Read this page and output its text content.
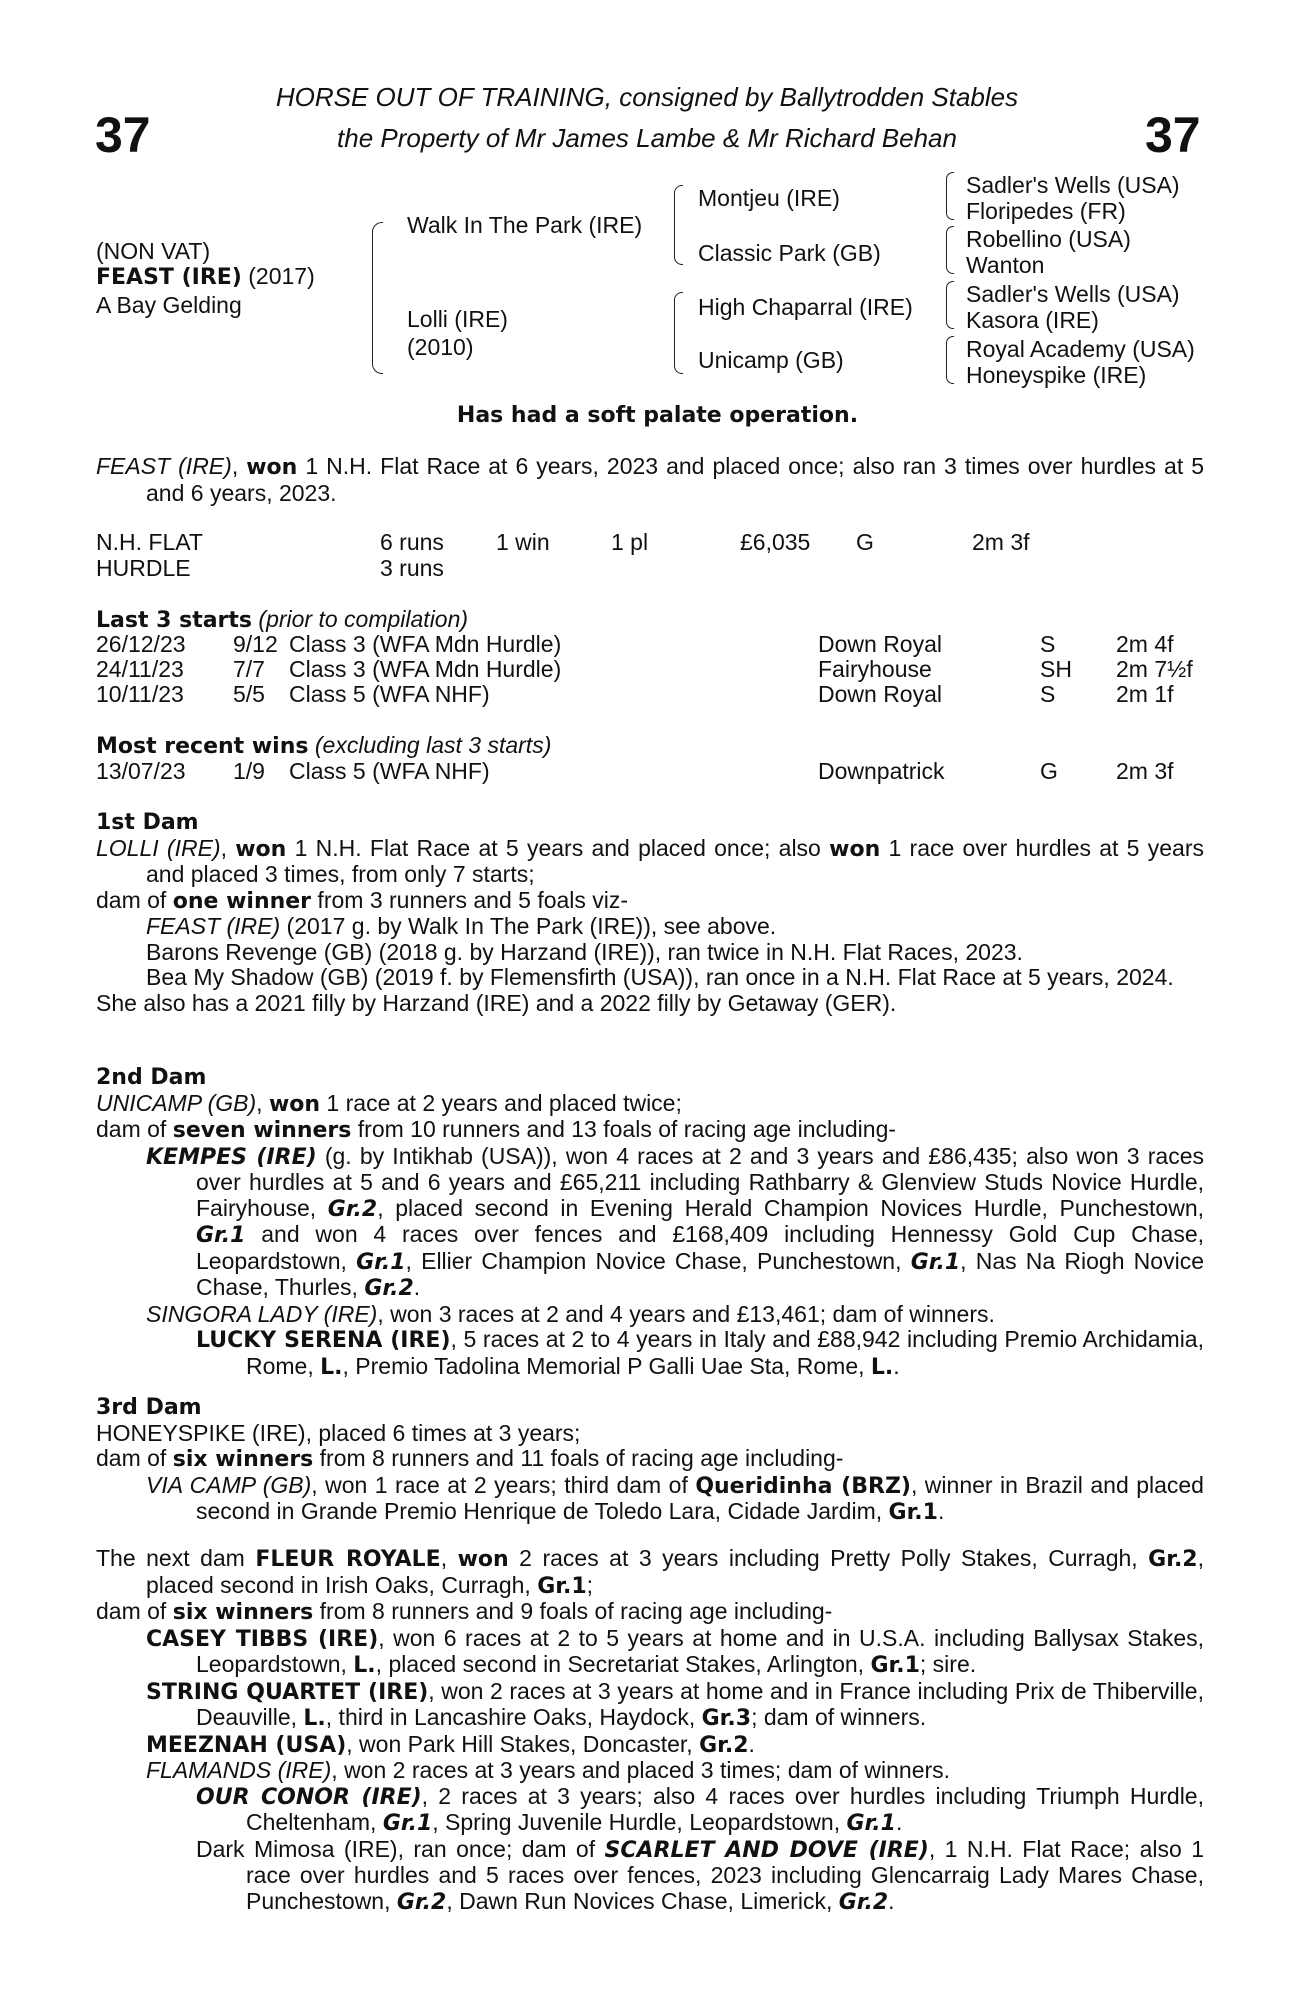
37	37
HORSE OUT OF TRAINING, consigned by Ballytrodden Stables
the Property of Mr James Lambe & Mr Richard Behan
(NON VAT)
FEAST (IRE) (2017)
A Bay Gelding
Walk In The Park (IRE)
Lolli (IRE)
(2010)
Montjeu (IRE)
Classic Park (GB)
High Chaparral (IRE)
Unicamp (GB)
Sadler's Wells (USA)
Floripedes (FR)
Robellino (USA)
Wanton
Sadler's Wells (USA)
Kasora (IRE)
Royal Academy (USA)
Honeyspike (IRE)
Has had a soft palate operation.

FEAST (IRE), won 1 N.H. Flat Race at 6 years, 2023 and placed once; also ran 3 times over hurdles at 5 and 6 years, 2023.

N.H. FLAT	6 runs 1 win	1 pl	£6,035 G	2m 3f
HURDLE	3 runs
Last 3 starts (prior to compilation)
26/12/23 9/12 Class 3 (WFA Mdn Hurdle)	Down Royal	S	2m 4f
24/11/23 7/7 Class 3 (WFA Mdn Hurdle)	Fairyhouse	SH 2m 7½f
10/11/23 5/5 Class 5 (WFA NHF)	Down Royal	S	2m 1f
Most recent wins (excluding last 3 starts)
13/07/23 1/9 Class 5 (WFA NHF)	Downpatrick	G	2m 3f

1st Dam

LOLLI (IRE), won 1 N.H. Flat Race at 5 years and placed once; also won 1 race over hurdles at 5 years and placed 3 times, from only 7 starts;

dam of one winner from 3 runners and 5 foals viz-

FEAST (IRE) (2017 g. by Walk In The Park (IRE)), see above.

Barons Revenge (GB) (2018 g. by Harzand (IRE)), ran twice in N.H. Flat Races, 2023.

Bea My Shadow (GB) (2019 f. by Flemensfirth (USA)), ran once in a N.H. Flat Race at 5 years, 2024.

She also has a 2021 filly by Harzand (IRE) and a 2022 filly by Getaway (GER).

2nd Dam

UNICAMP (GB), won 1 race at 2 years and placed twice;

dam of seven winners from 10 runners and 13 foals of racing age including-

KEMPES (IRE) (g. by Intikhab (USA)), won 4 races at 2 and 3 years and £86,435; also won 3 races over hurdles at 5 and 6 years and £65,211 including Rathbarry & Glenview Studs Novice Hurdle, Fairyhouse, Gr.2, placed second in Evening Herald Champion Novices Hurdle, Punchestown, Gr.1 and won 4 races over fences and £168,409 including Hennessy Gold Cup Chase, Leopardstown, Gr.1, Ellier Champion Novice Chase, Punchestown, Gr.1, Nas Na Riogh Novice Chase, Thurles, Gr.2.

SINGORA LADY (IRE), won 3 races at 2 and 4 years and £13,461; dam of winners.

LUCKY SERENA (IRE), 5 races at 2 to 4 years in Italy and £88,942 including Premio Archidamia, Rome, L., Premio Tadolina Memorial P Galli Uae Sta, Rome, L..

3rd Dam

HONEYSPIKE (IRE), placed 6 times at 3 years;

dam of six winners from 8 runners and 11 foals of racing age including-

VIA CAMP (GB), won 1 race at 2 years; third dam of Queridinha (BRZ), winner in Brazil and placed second in Grande Premio Henrique de Toledo Lara, Cidade Jardim, Gr.1.

The next dam FLEUR ROYALE, won 2 races at 3 years including Pretty Polly Stakes, Curragh, Gr.2, placed second in Irish Oaks, Curragh, Gr.1;

dam of six winners from 8 runners and 9 foals of racing age including-

CASEY TIBBS (IRE), won 6 races at 2 to 5 years at home and in U.S.A. including Ballysax Stakes, Leopardstown, L., placed second in Secretariat Stakes, Arlington, Gr.1; sire.

STRING QUARTET (IRE), won 2 races at 3 years at home and in France including Prix de Thiberville, Deauville, L., third in Lancashire Oaks, Haydock, Gr.3; dam of winners.

MEEZNAH (USA), won Park Hill Stakes, Doncaster, Gr.2.

FLAMANDS (IRE), won 2 races at 3 years and placed 3 times; dam of winners.

OUR CONOR (IRE), 2 races at 3 years; also 4 races over hurdles including Triumph Hurdle, Cheltenham, Gr.1, Spring Juvenile Hurdle, Leopardstown, Gr.1.

Dark Mimosa (IRE), ran once; dam of SCARLET AND DOVE (IRE), 1 N.H. Flat Race; also 1 race over hurdles and 5 races over fences, 2023 including Glencarraig Lady Mares Chase, Punchestown, Gr.2, Dawn Run Novices Chase, Limerick, Gr.2.
